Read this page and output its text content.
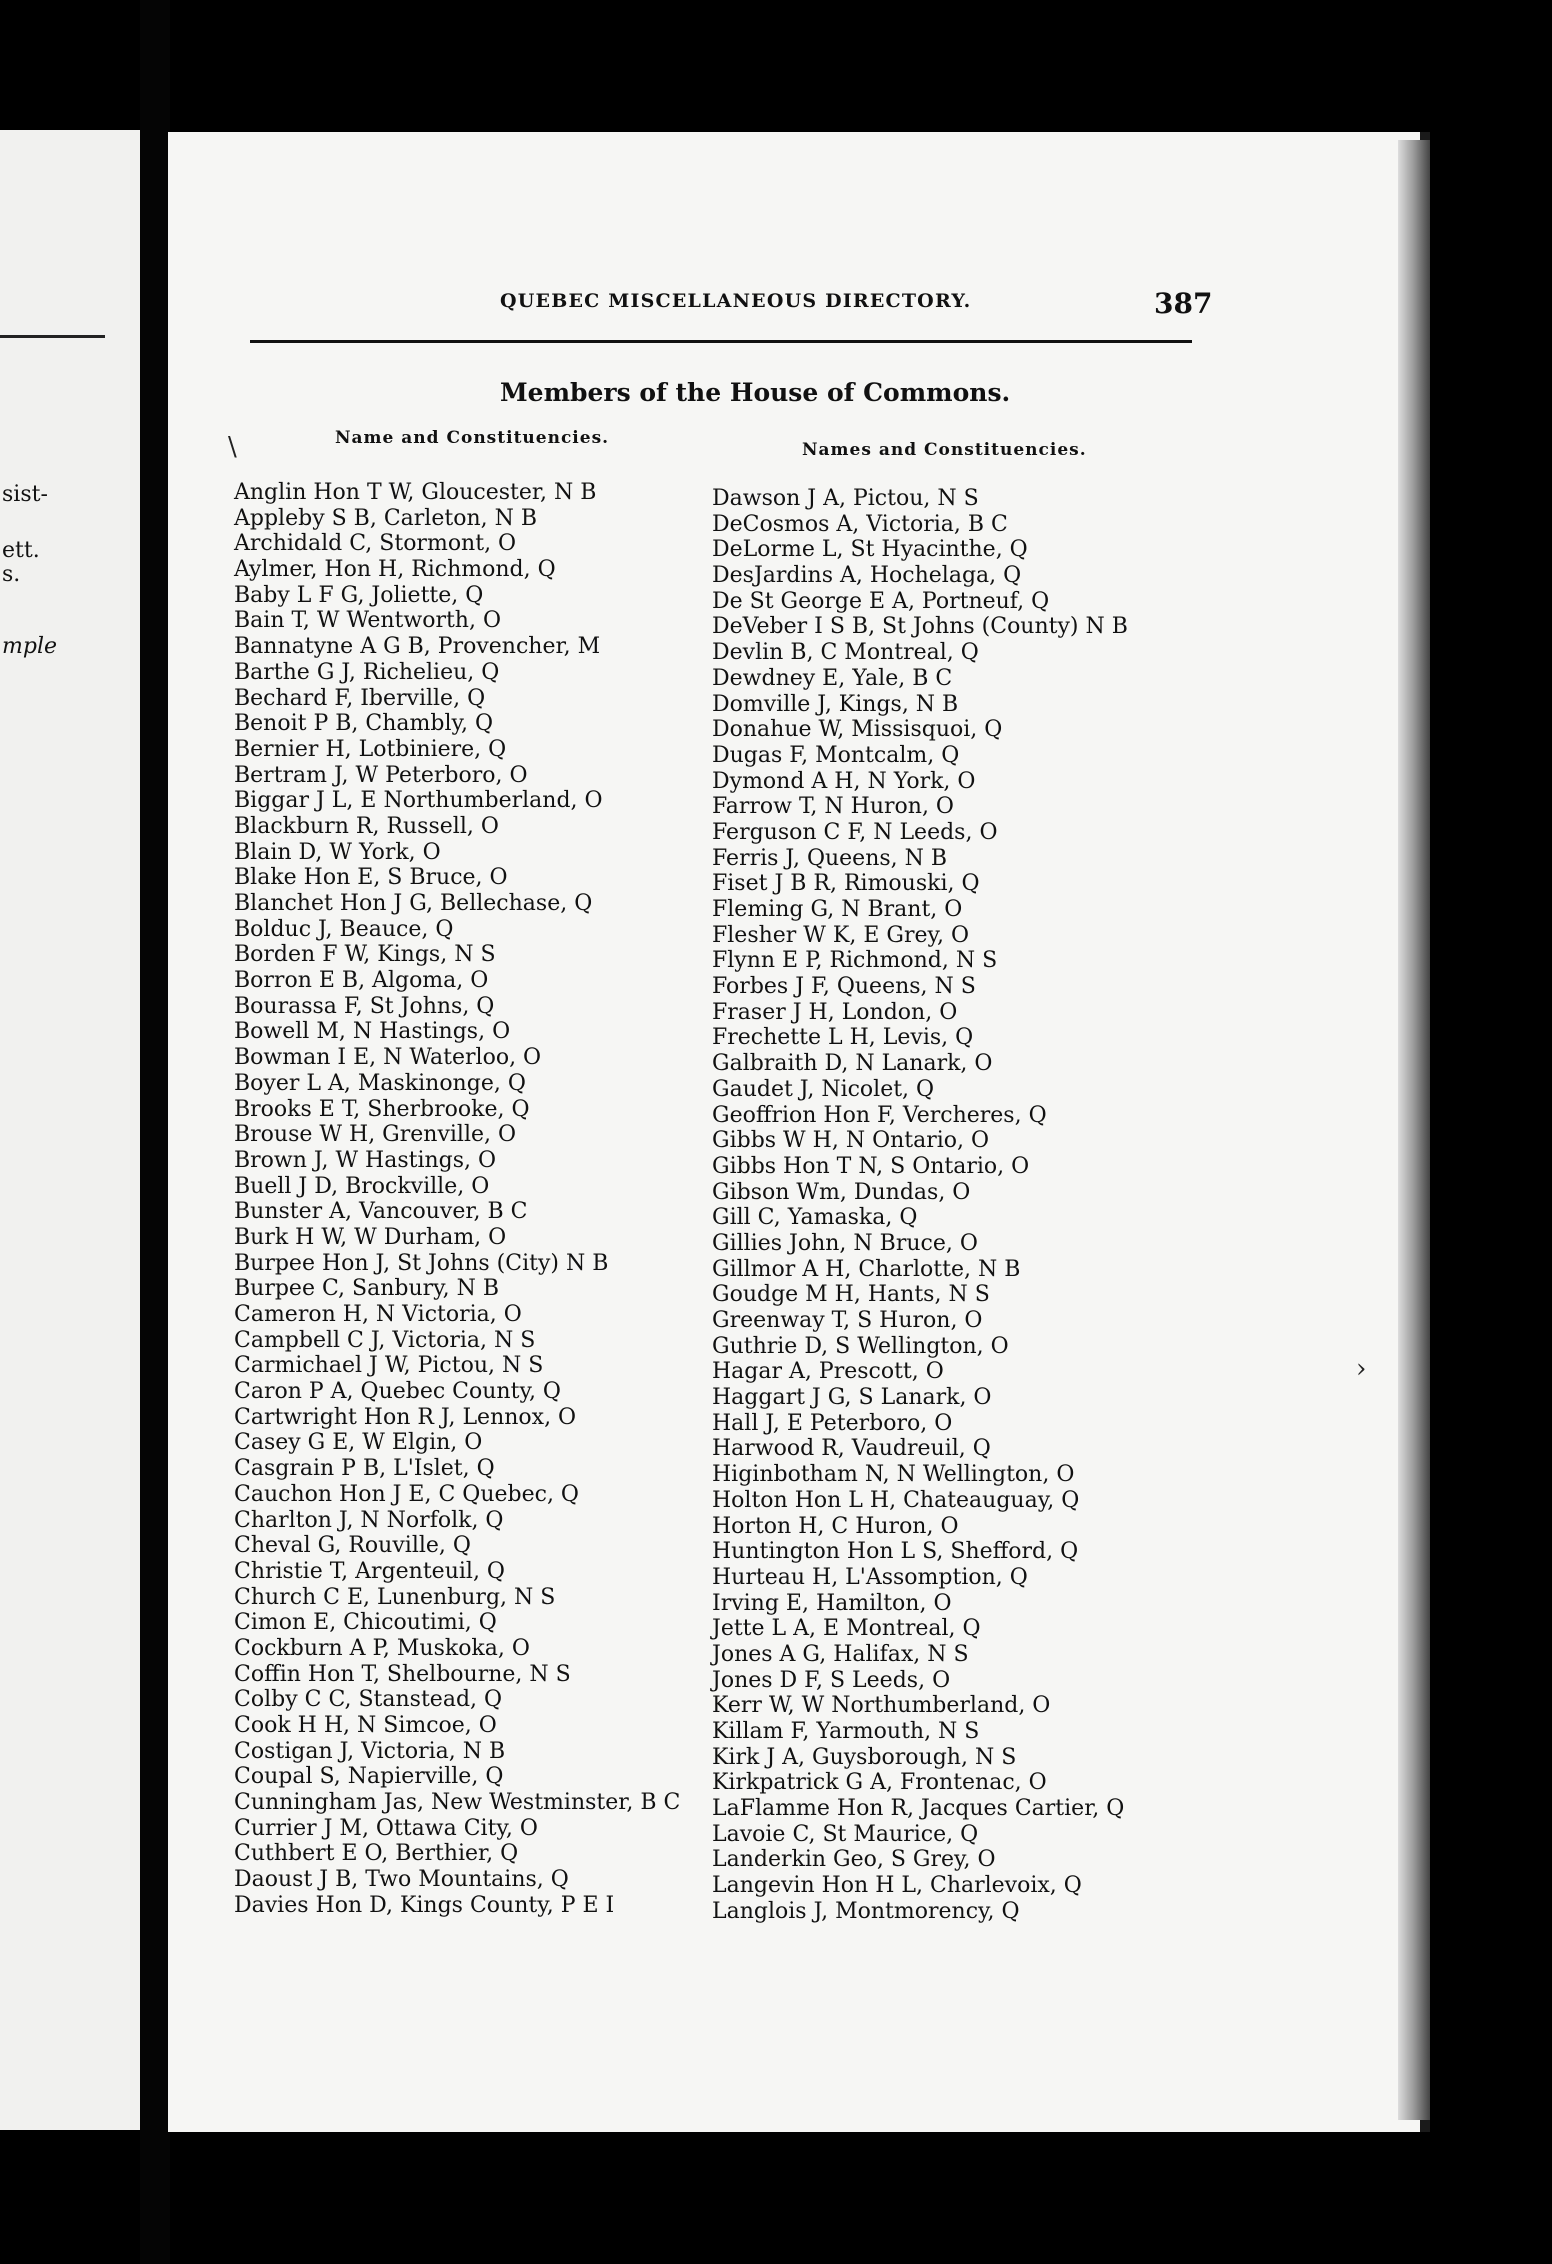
sist-
ett.
s.
mple
QUEBEC MISCELLANEOUS DIRECTORY.	387
Members of the House of Commons.
Name and Constituencies.
Names and Constituencies.
Anglin Hon T W, Gloucester, N B
Appleby S B, Carleton, N B
Archidald C, Stormont, O
Aylmer, Hon H, Richmond, Q
Baby L F G, Joliette, Q
Bain T, W Wentworth, O
Bannatyne A G B, Provencher, M
Barthe G J, Richelieu, Q
Bechard F, Iberville, Q
Benoit P B, Chambly, Q
Bernier H, Lotbiniere, Q
Bertram J, W Peterboro, O
Biggar J L, E Northumberland, O
Blackburn R, Russell, O
Blain D, W York, O
Blake Hon E, S Bruce, O
Blanchet Hon J G, Bellechase, Q
Bolduc J, Beauce, Q
Borden F W, Kings, N S
Borron E B, Algoma, O
Bourassa F, St Johns, Q
Bowell M, N Hastings, O
Bowman I E, N Waterloo, O
Boyer L A, Maskinonge, Q
Brooks E T, Sherbrooke, Q
Brouse W H, Grenville, O
Brown J, W Hastings, O
Buell J D, Brockville, O
Bunster A, Vancouver, B C
Burk H W, W Durham, O
Burpee Hon J, St Johns (City) N B
Burpee C, Sanbury, N B
Cameron H, N Victoria, O
Campbell C J, Victoria, N S
Carmichael J W, Pictou, N S
Caron P A, Quebec County, Q
Cartwright Hon R J, Lennox, O
Casey G E, W Elgin, O
Casgrain P B, L'Islet, Q
Cauchon Hon J E, C Quebec, Q
Charlton J, N Norfolk, Q
Cheval G, Rouville, Q
Christie T, Argenteuil, Q
Church C E, Lunenburg, N S
Cimon E, Chicoutimi, Q
Cockburn A P, Muskoka, O
Coffin Hon T, Shelbourne, N S
Colby C C, Stanstead, Q
Cook H H, N Simcoe, O
Costigan J, Victoria, N B
Coupal S, Napierville, Q
Cunningham Jas, New Westminster, B C
Currier J M, Ottawa City, O
Cuthbert E O, Berthier, Q
Daoust J B, Two Mountains, Q
Davies Hon D, Kings County, P E I
Dawson J A, Pictou, N S
DeCosmos A, Victoria, B C
DeLorme L, St Hyacinthe, Q
DesJardins A, Hochelaga, Q
De St George E A, Portneuf, Q
DeVeber I S B, St Johns (County) N B
Devlin B, C Montreal, Q
Dewdney E, Yale, B C
Domville J, Kings, N B
Donahue W, Missisquoi, Q
Dugas F, Montcalm, Q
Dymond A H, N York, O
Farrow T, N Huron, O
Ferguson C F, N Leeds, O
Ferris J, Queens, N B
Fiset J B R, Rimouski, Q
Fleming G, N Brant, O
Flesher W K, E Grey, O
Flynn E P, Richmond, N S
Forbes J F, Queens, N S
Fraser J H, London, O
Frechette L H, Levis, Q
Galbraith D, N Lanark, O
Gaudet J, Nicolet, Q
Geoffrion Hon F, Vercheres, Q
Gibbs W H, N Ontario, O
Gibbs Hon T N, S Ontario, O
Gibson Wm, Dundas, O
Gill C, Yamaska, Q
Gillies John, N Bruce, O
Gillmor A H, Charlotte, N B
Goudge M H, Hants, N S
Greenway T, S Huron, O
Guthrie D, S Wellington, O
Hagar A, Prescott, O
Haggart J G, S Lanark, O
Hall J, E Peterboro, O
Harwood R, Vaudreuil, Q
Higinbotham N, N Wellington, O
Holton Hon L H, Chateauguay, Q
Horton H, C Huron, O
Huntington Hon L S, Shefford, Q
Hurteau H, L'Assomption, Q
Irving E, Hamilton, O
Jette L A, E Montreal, Q
Jones A G, Halifax, N S
Jones D F, S Leeds, O
Kerr W, W Northumberland, O
Killam F, Yarmouth, N S
Kirk J A, Guysborough, N S
Kirkpatrick G A, Frontenac, O
LaFlamme Hon R, Jacques Cartier, Q
Lavoie C, St Maurice, Q
Landerkin Geo, S Grey, O
Langevin Hon H L, Charlevoix, Q
Langlois J, Montmorency, Q
\
›
